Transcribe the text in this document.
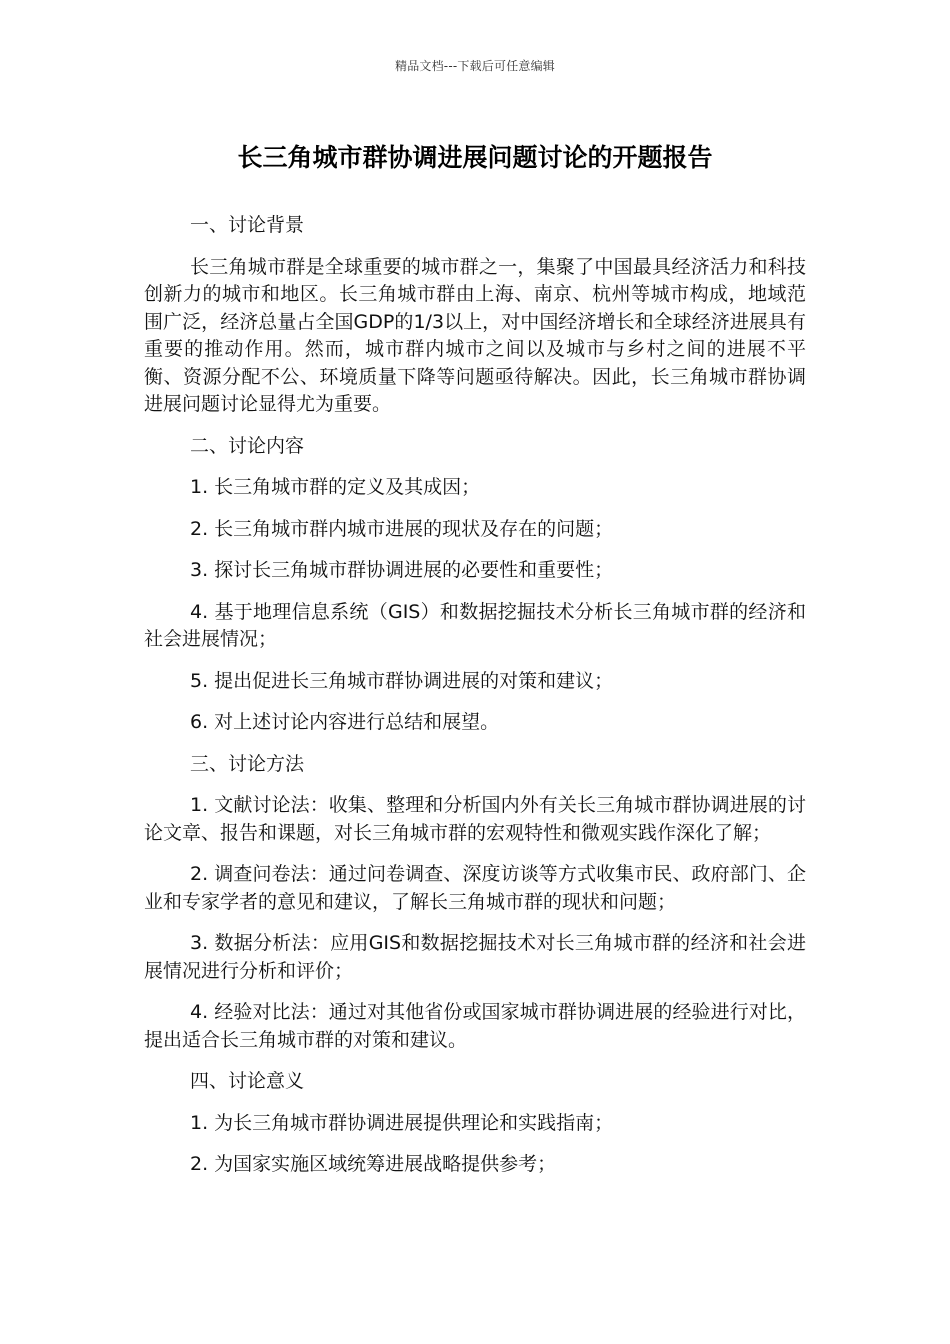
精品文档---下载后可任意编辑
长三角城市群协调进展问题讨论的开题报告

一、讨论背景

长三角城市群是全球重要的城市群之一，集聚了中国最具经济活力和科技创新力的城市和地区。长三角城市群由上海、南京、杭州等城市构成，地域范围广泛，经济总量占全国GDP的1/3以上，对中国经济增长和全球经济进展具有重要的推动作用。然而，城市群内城市之间以及城市与乡村之间的进展不平衡、资源分配不公、环境质量下降等问题亟待解决。因此，长三角城市群协调进展问题讨论显得尤为重要。

二、讨论内容

1. 长三角城市群的定义及其成因；

2. 长三角城市群内城市进展的现状及存在的问题；

3. 探讨长三角城市群协调进展的必要性和重要性；

4. 基于地理信息系统（GIS）和数据挖掘技术分析长三角城市群的经济和社会进展情况；

5. 提出促进长三角城市群协调进展的对策和建议；

6. 对上述讨论内容进行总结和展望。

三、讨论方法

1. 文献讨论法：收集、整理和分析国内外有关长三角城市群协调进展的讨论文章、报告和课题，对长三角城市群的宏观特性和微观实践作深化了解；

2. 调查问卷法：通过问卷调查、深度访谈等方式收集市民、政府部门、企业和专家学者的意见和建议，了解长三角城市群的现状和问题；

3. 数据分析法：应用GIS和数据挖掘技术对长三角城市群的经济和社会进展情况进行分析和评价；

4. 经验对比法：通过对其他省份或国家城市群协调进展的经验进行对比，提出适合长三角城市群的对策和建议。

四、讨论意义

1. 为长三角城市群协调进展提供理论和实践指南；

2. 为国家实施区域统筹进展战略提供参考；
